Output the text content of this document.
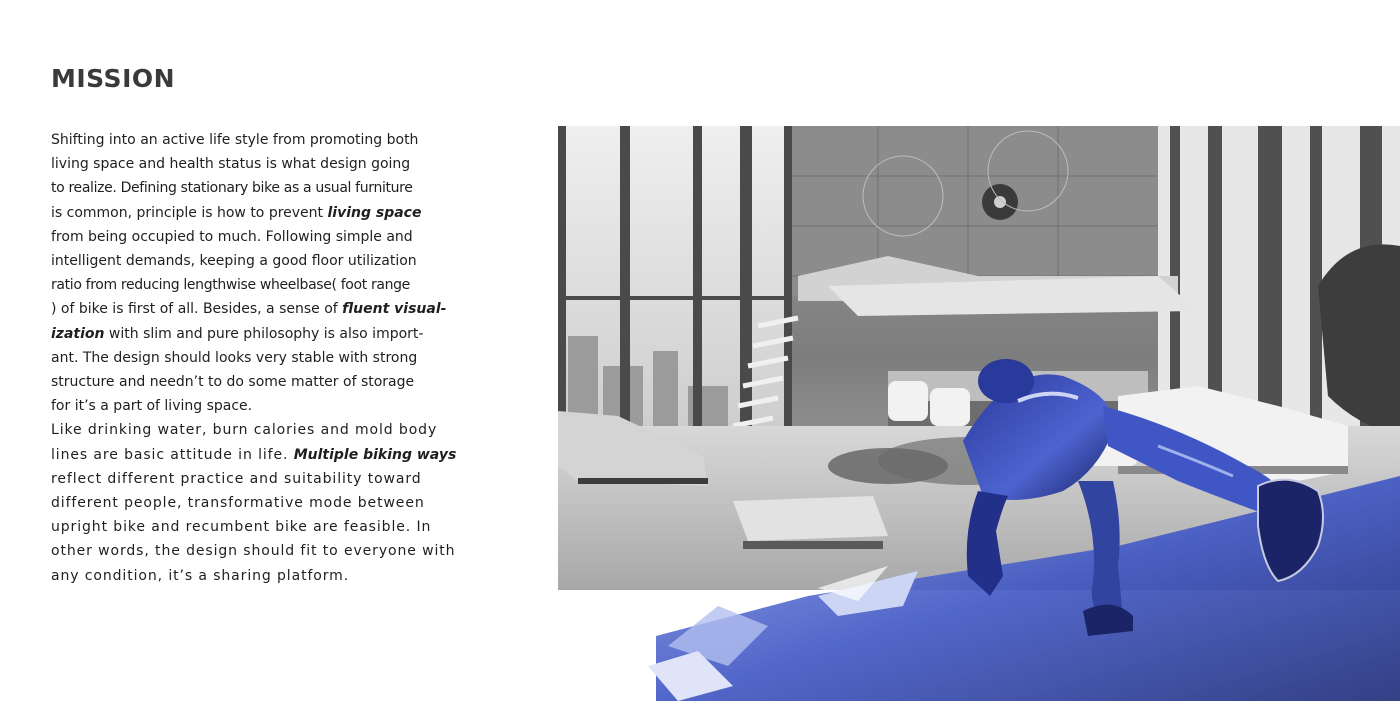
MISSION
Shifting into an active life style from promoting both
living space and health status is what design going
to realize. Defining stationary bike as a usual furniture
is common, principle is how to prevent living space
from being occupied to much. Following simple and
intelligent demands, keeping a good floor utilization
ratio from reducing lengthwise wheelbase( foot range
) of bike is first of all. Besides, a sense of fluent visual-
ization with slim and pure philosophy is also import-
ant. The design should looks very stable with strong
structure and needn’t to do some matter of storage
for it’s a part of living space.
Like drinking water, burn calories and mold body
lines are basic attitude in life. Multiple biking ways
reflect different practice and suitability toward
different people, transformative mode between
upright bike and recumbent bike are feasible. In
other words, the design should fit to everyone with
any condition, it’s a sharing platform.
